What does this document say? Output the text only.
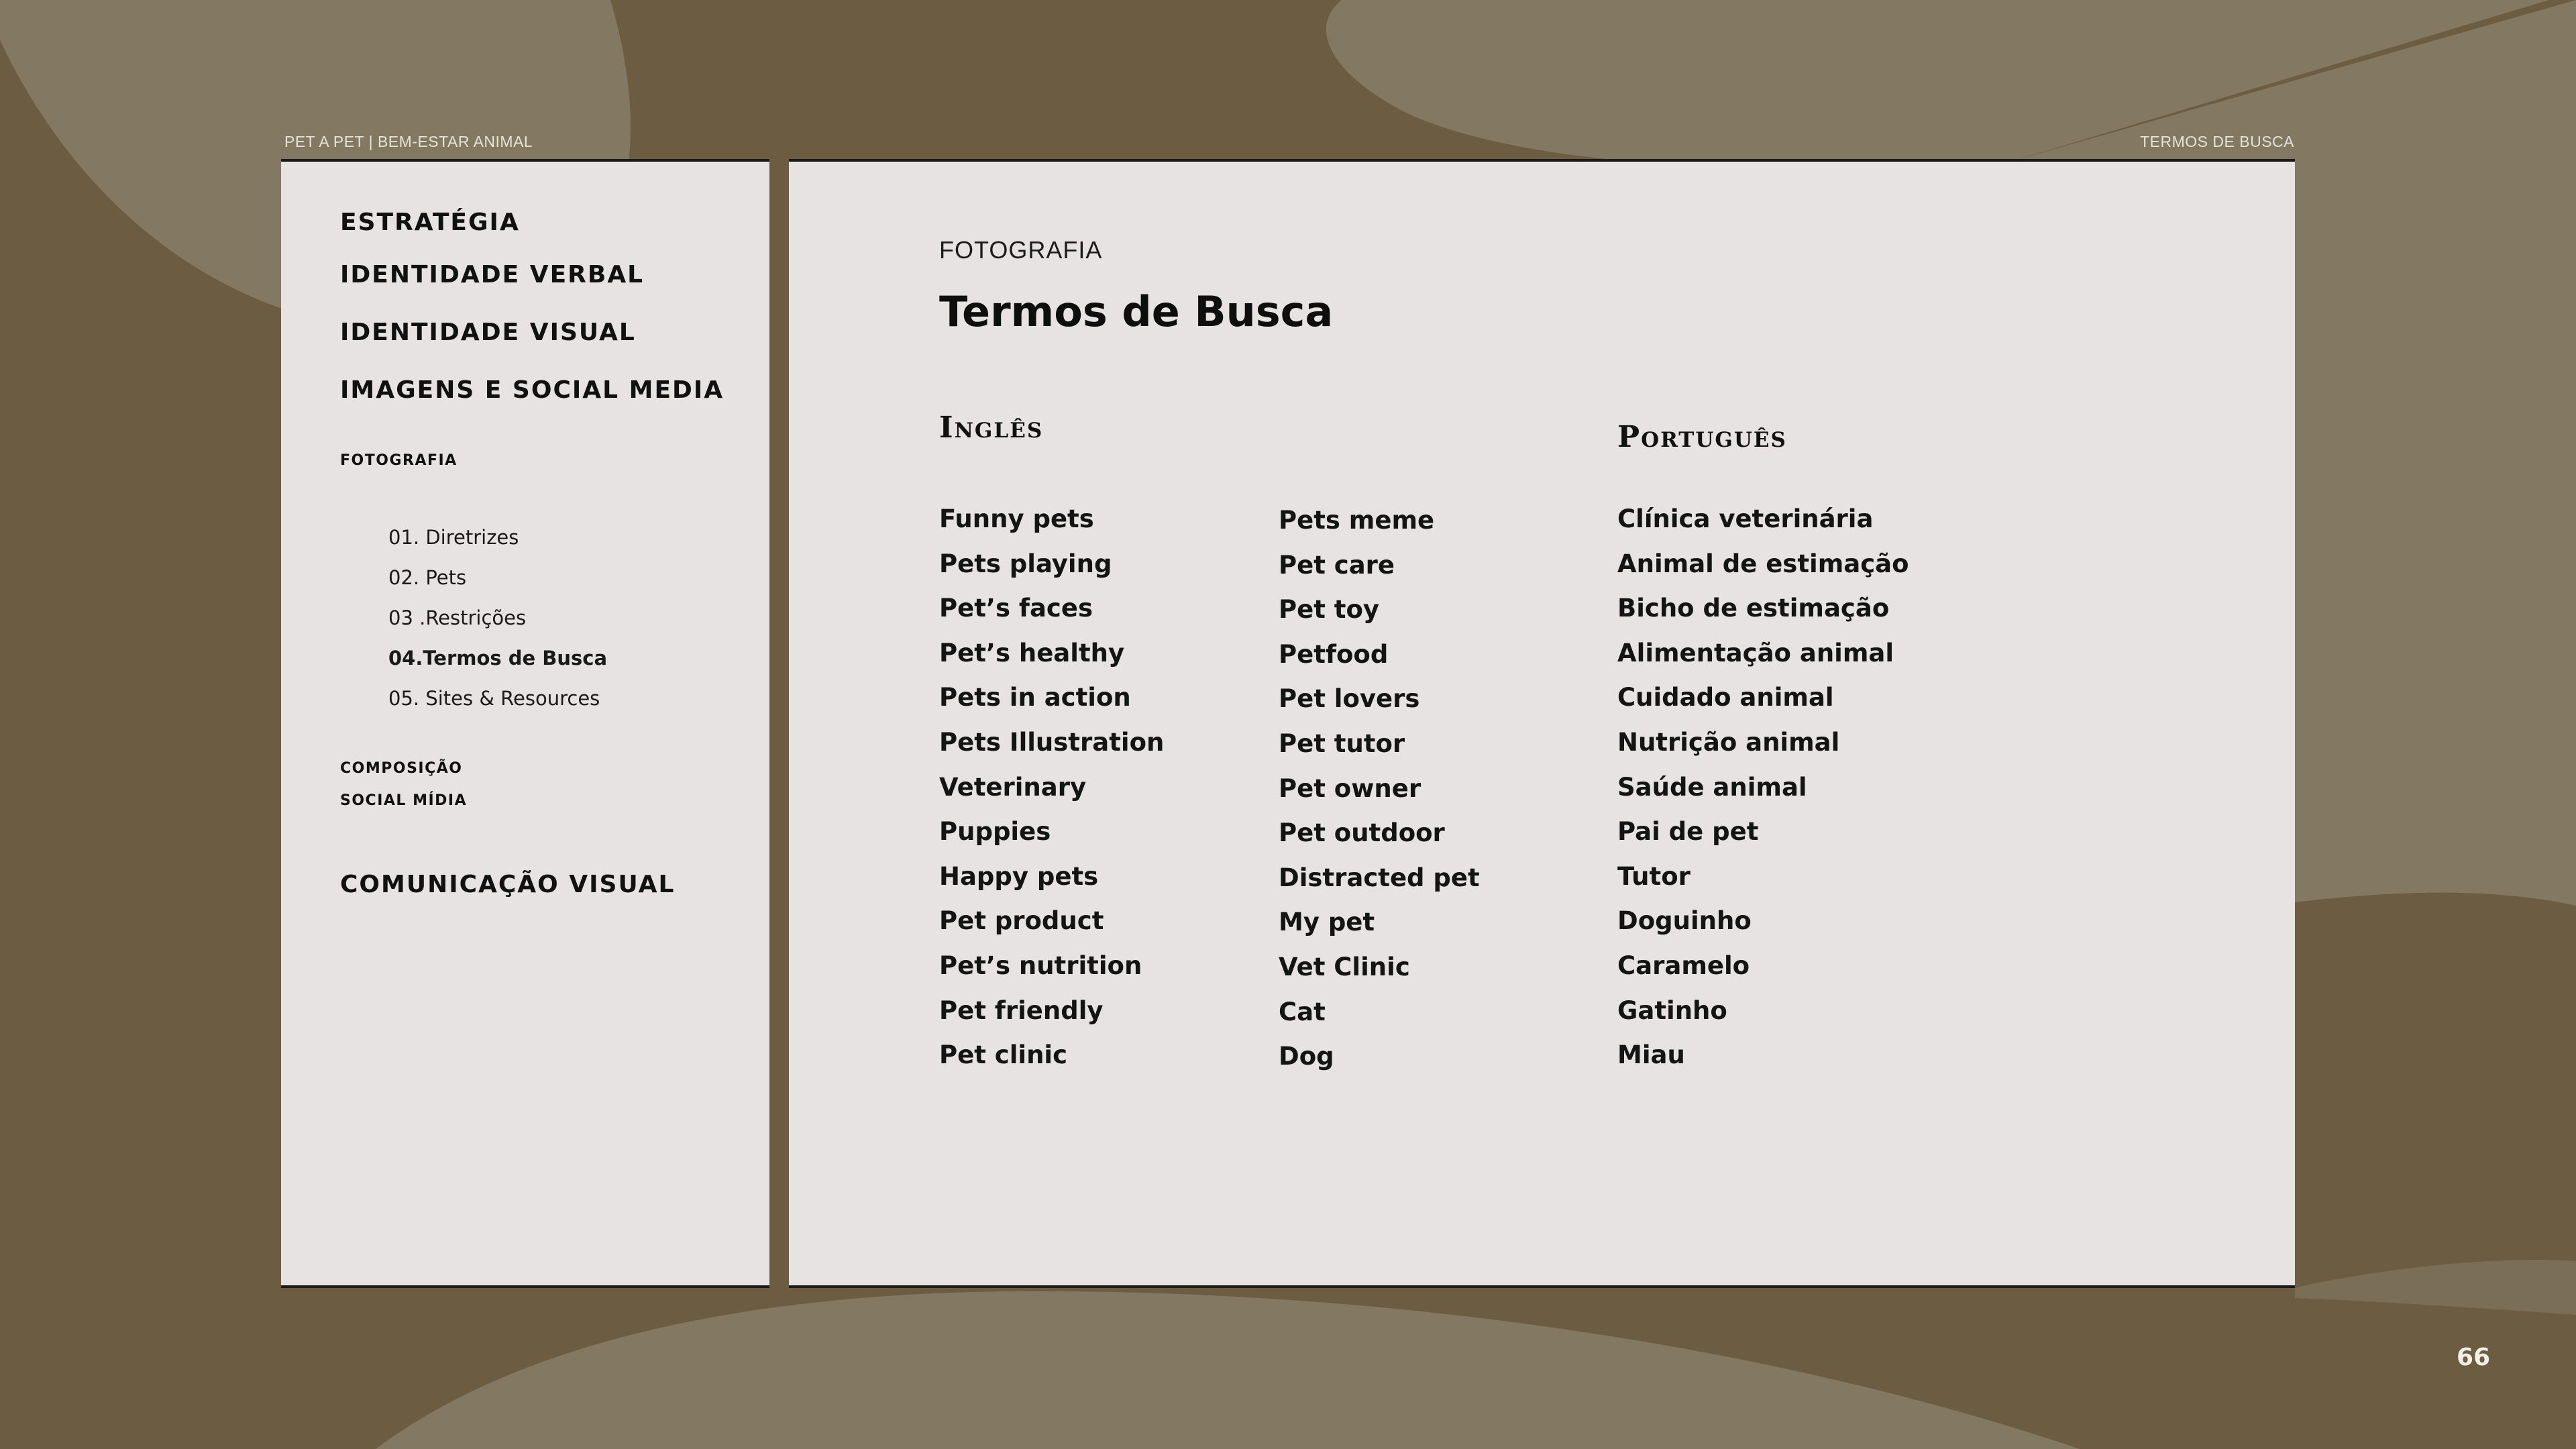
PET A PET | BEM-ESTAR ANIMAL	TERMOS DE BUSCA
ESTRATÉGIA
IDENTIDADE VERBAL
IDENTIDADE VISUAL
IMAGENS E SOCIAL MEDIA
FOTOGRAFIA
01. Diretrizes
02. Pets
03 .Restrições
04.Termos de Busca
05. Sites & Resources
COMPOSIÇÃO
SOCIAL MÍDIA
COMUNICAÇÃO VISUAL
FOTOGRAFIA
Termos de Busca
Inglês	Português
Funny pets
Pets playing
Pet’s faces
Pet’s healthy
Pets in action
Pets Illustration
Veterinary
Puppies
Happy pets
Pet product
Pet’s nutrition
Pet friendly
Pet clinic
Pets meme
Pet care
Pet toy
Petfood
Pet lovers
Pet tutor
Pet owner
Pet outdoor
Distracted pet
My pet
Vet Clinic
Cat
Dog
Clínica veterinária
Animal de estimação
Bicho de estimação
Alimentação animal
Cuidado animal
Nutrição animal
Saúde animal
Pai de pet
Tutor
Doguinho
Caramelo
Gatinho
Miau
66
